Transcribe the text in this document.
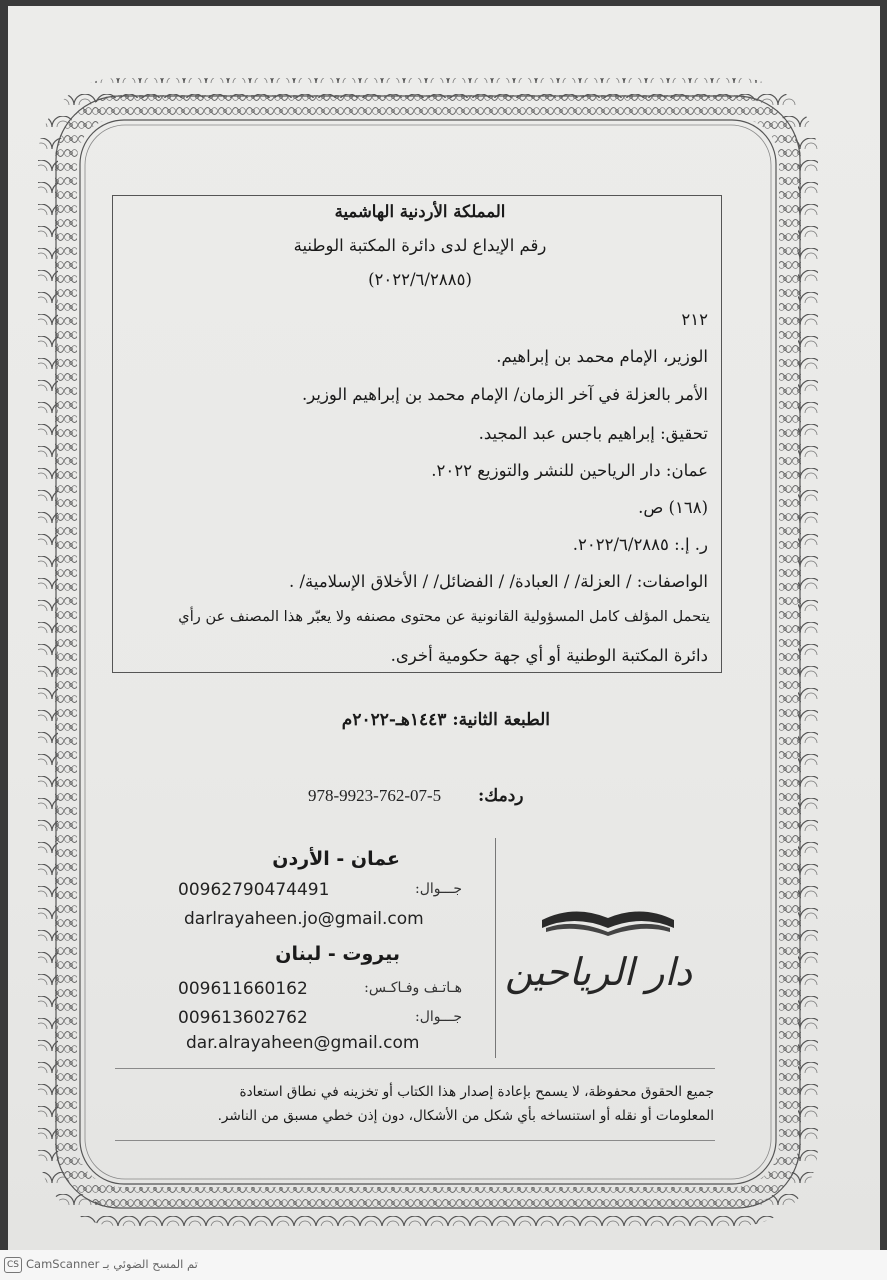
المملكة الأردنية الهاشمية
رقم الإيداع لدى دائرة المكتبة الوطنية
(٢٠٢٢/٦/٢٨٨٥)
٢١٢
الوزير، الإمام محمد بن إبراهيم.
الأمر بالعزلة في آخر الزمان/ الإمام محمد بن إبراهيم الوزير.
تحقيق: إبراهيم باجس عبد المجيد.
عمان: دار الرياحين للنشر والتوزيع ٢٠٢٢.
(١٦٨) ص.
ر. إ.: ٢٠٢٢/٦/٢٨٨٥.
الواصفات: / العزلة/ / العبادة/ / الفضائل/ / الأخلاق الإسلامية/ .
يتحمل المؤلف كامل المسؤولية القانونية عن محتوى مصنفه ولا يعبّر هذا المصنف عن رأي
دائرة المكتبة الوطنية أو أي جهة حكومية أخرى.
الطبعة الثانية: ١٤٤٣هـ-٢٠٢٢م
ردمك:
978-9923-762-07-5
عمان - الأردن
00962790474491	جـــوال:
darlrayaheen.jo@gmail.com
بيروت - لبنان
009611660162	هـاتـف وفـاكـس:
009613602762	جـــوال:
dar.alrayaheen@gmail.com
دار الرياحين
جميع الحقوق محفوظة، لا يسمح بإعادة إصدار هذا الكتاب أو تخزينه في نطاق استعادة
المعلومات أو نقله أو استنساخه بأي شكل من الأشكال، دون إذن خطي مسبق من الناشر.
CS تم المسح الضوئي بـ CamScanner
